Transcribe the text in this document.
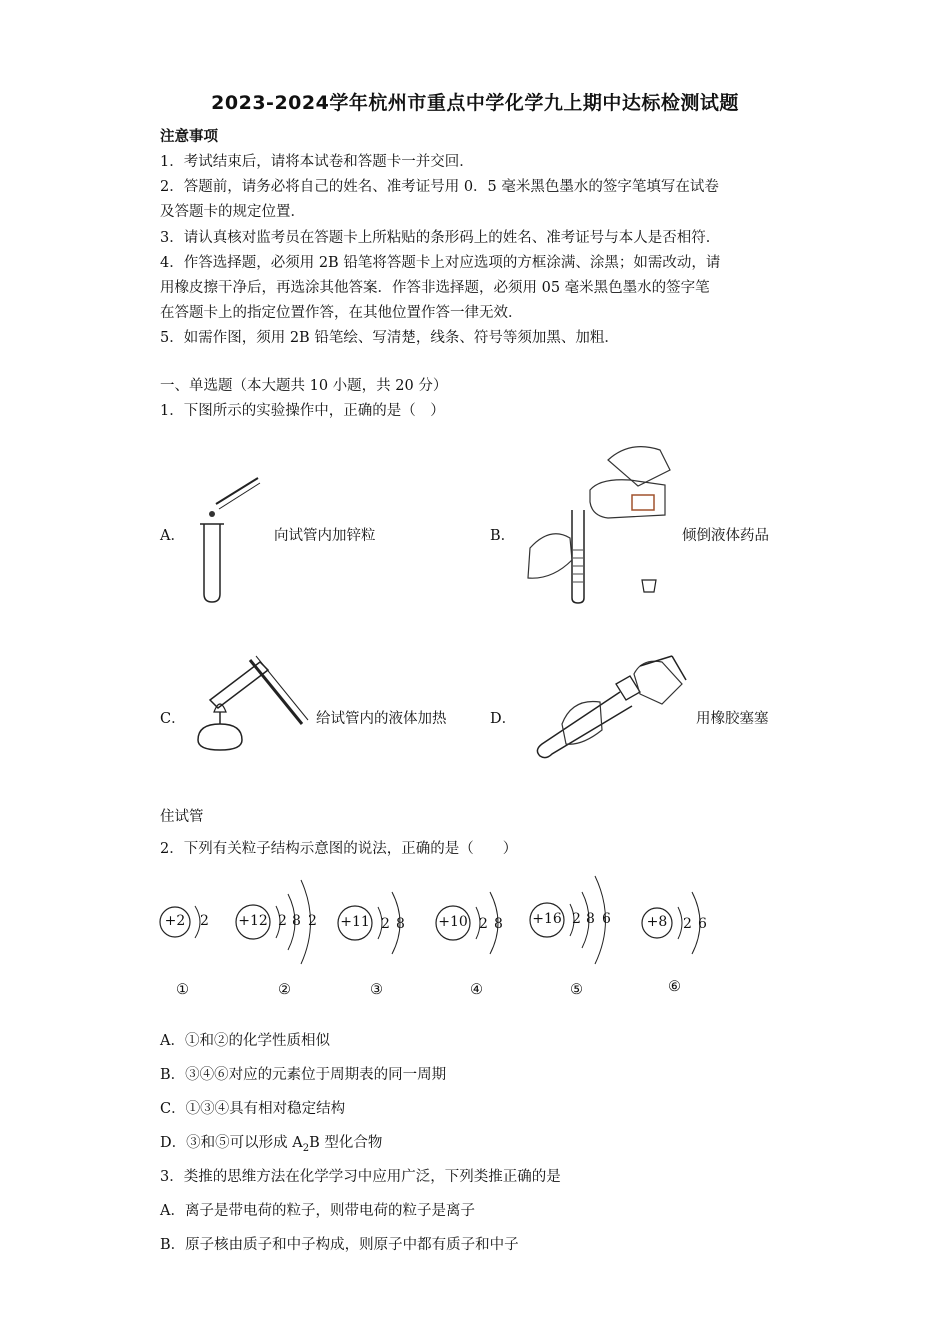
2023-2024学年杭州市重点中学化学九上期中达标检测试题
注意事项
1．考试结束后，请将本试卷和答题卡一并交回．
2．答题前，请务必将自己的姓名、准考证号用 0．5 毫米黑色墨水的签字笔填写在试卷
及答题卡的规定位置．
3．请认真核对监考员在答题卡上所粘贴的条形码上的姓名、准考证号与本人是否相符．
4．作答选择题，必须用 2B 铅笔将答题卡上对应选项的方框涂满、涂黑；如需改动，请
用橡皮擦干净后，再选涂其他答案．作答非选择题，必须用 05 毫米黑色墨水的签字笔
在答题卡上的指定位置作答，在其他位置作答一律无效．
5．如需作图，须用 2B 铅笔绘、写清楚，线条、符号等须加黑、加粗．
一、单选题（本大题共 10 小题，共 20 分）
1．下图所示的实验操作中，正确的是（　）
A．	向试管内加锌粒	B．	倾倒液体药品
C．	给试管内的液体加热	D．	用橡胶塞塞
住试管
2．下列有关粒子结构示意图的说法，正确的是（　　）
+2	2
①
+12 2 8 2
②
+11 2 8
③
+10 2 8
④
+16 2 8 6
⑤
+8	2 6
⑥
A．①和②的化学性质相似
B．③④⑥对应的元素位于周期表的同一周期
C．①③④具有相对稳定结构
D．③和⑤可以形成 $A_2B$ 型化合物
3．类推的思维方法在化学学习中应用广泛，下列类推正确的是
A．离子是带电荷的粒子，则带电荷的粒子是离子
B．原子核由质子和中子构成，则原子中都有质子和中子
